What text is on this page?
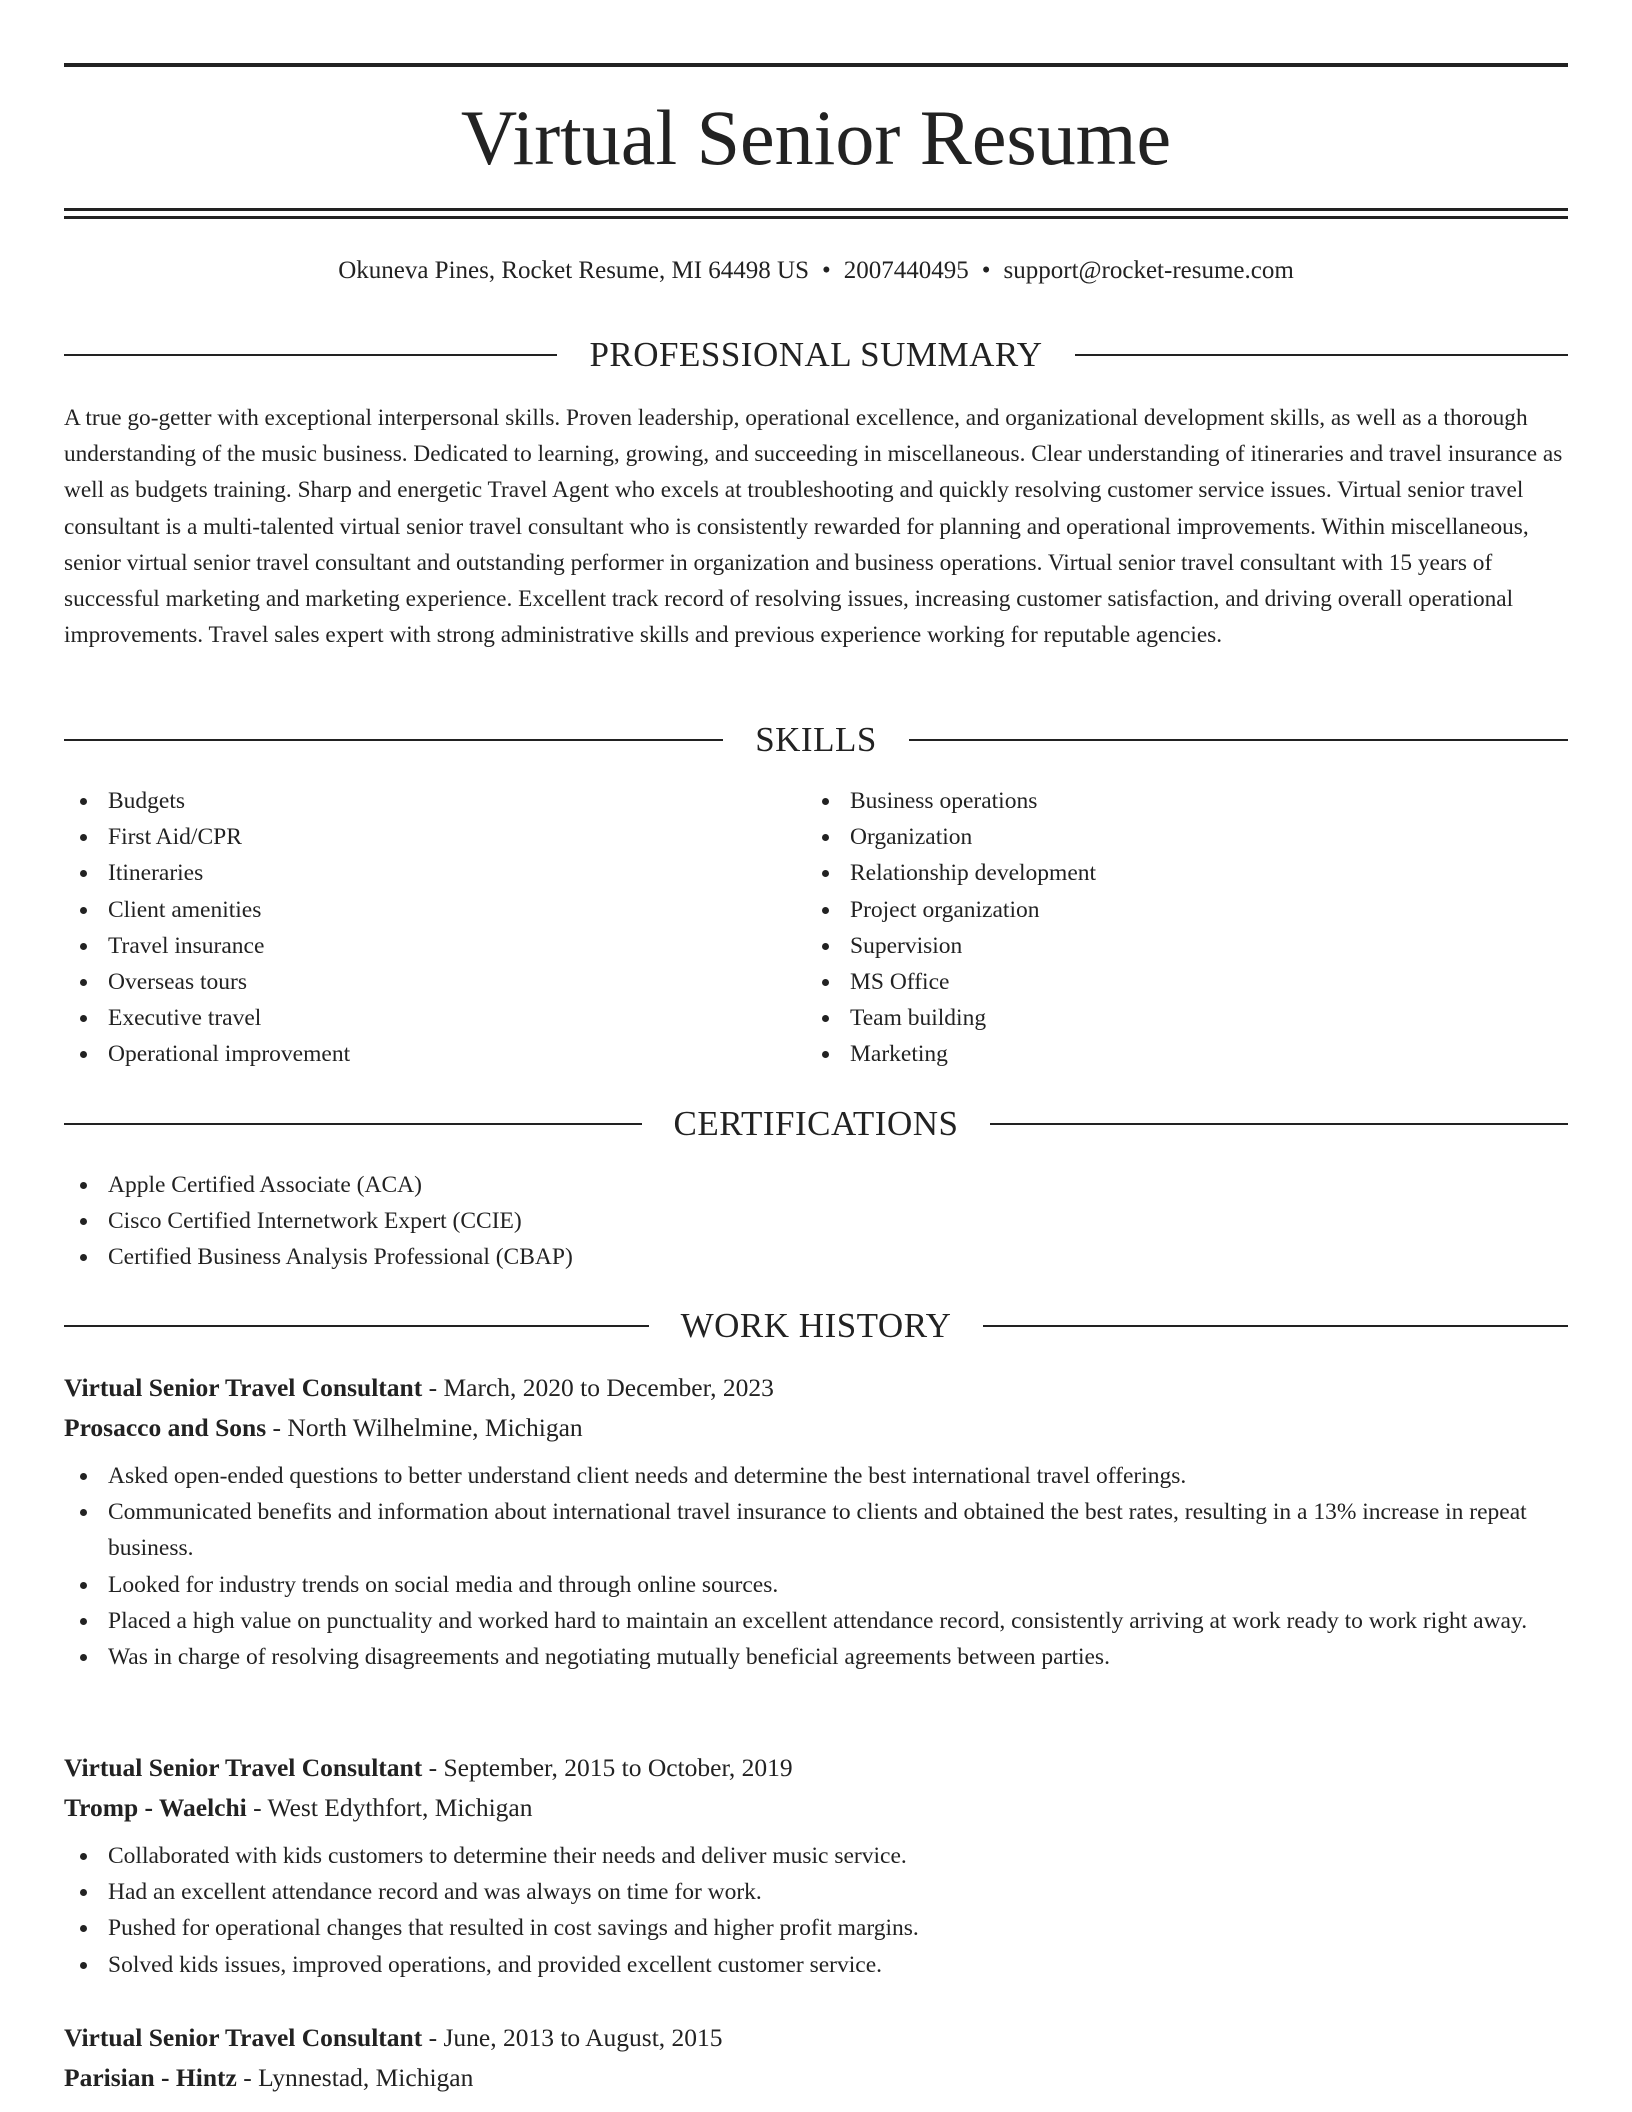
Virtual Senior Resume
Okuneva Pines, Rocket Resume, MI 64498 US • 2007440495 • support@rocket-resume.com
PROFESSIONAL SUMMARY

A true go-getter with exceptional interpersonal skills. Proven leadership, operational excellence, and organizational development skills, as well as a thorough understanding of the music business. Dedicated to learning, growing, and succeeding in miscellaneous. Clear understanding of itineraries and travel insurance as well as budgets training. Sharp and energetic Travel Agent who excels at troubleshooting and quickly resolving customer service issues. Virtual senior travel consultant is a multi-talented virtual senior travel consultant who is consistently rewarded for planning and operational improvements. Within miscellaneous, senior virtual senior travel consultant and outstanding performer in organization and business operations. Virtual senior travel consultant with 15 years of successful marketing and marketing experience. Excellent track record of resolving issues, increasing customer satisfaction, and driving overall operational improvements. Travel sales expert with strong administrative skills and previous experience working for reputable agencies.

SKILLS
Budgets
First Aid/CPR
Itineraries
Client amenities
Travel insurance
Overseas tours
Executive travel
Operational improvement
Business operations
Organization
Relationship development
Project organization
Supervision
MS Office
Team building
Marketing
CERTIFICATIONS
Apple Certified Associate (ACA)
Cisco Certified Internetwork Expert (CCIE)
Certified Business Analysis Professional (CBAP)
WORK HISTORY
Virtual Senior Travel Consultant - March, 2020 to December, 2023
Prosacco and Sons - North Wilhelmine, Michigan
Asked open-ended questions to better understand client needs and determine the best international travel offerings.
Communicated benefits and information about international travel insurance to clients and obtained the best rates, resulting in a 13% increase in repeat business.
Looked for industry trends on social media and through online sources.
Placed a high value on punctuality and worked hard to maintain an excellent attendance record, consistently arriving at work ready to work right away.
Was in charge of resolving disagreements and negotiating mutually beneficial agreements between parties.
Virtual Senior Travel Consultant - September, 2015 to October, 2019
Tromp - Waelchi - West Edythfort, Michigan
Collaborated with kids customers to determine their needs and deliver music service.
Had an excellent attendance record and was always on time for work.
Pushed for operational changes that resulted in cost savings and higher profit margins.
Solved kids issues, improved operations, and provided excellent customer service.
Virtual Senior Travel Consultant - June, 2013 to August, 2015
Parisian - Hintz - Lynnestad, Michigan
